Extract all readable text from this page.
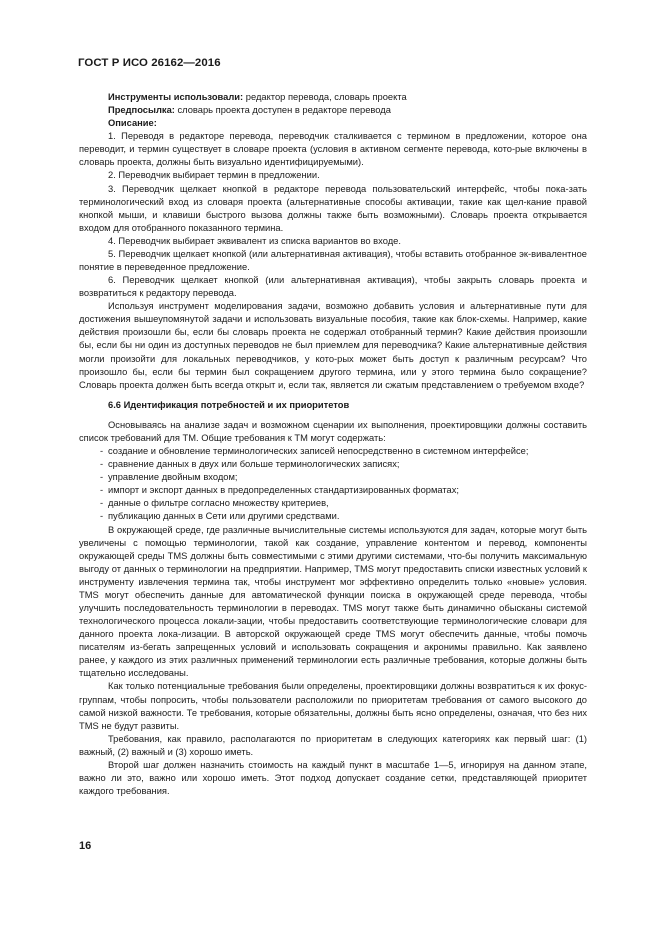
ГОСТ Р ИСО 26162—2016

Инструменты использовали: редактор перевода, словарь проекта

Предпосылка: словарь проекта доступен в редакторе перевода

Описание:

1. Переводя в редакторе перевода, переводчик сталкивается с термином в предложении, которое она переводит, и термин существует в словаре проекта (условия в активном сегменте перевода, кото-рые включены в словарь проекта, должны быть визуально идентифицируемыми).

2. Переводчик выбирает термин в предложении.

3. Переводчик щелкает кнопкой в редакторе перевода пользовательский интерфейс, чтобы пока-зать терминологический вход из словаря проекта (альтернативные способы активации, такие как щел-кание правой кнопкой мыши, и клавиши быстрого вызова должны также быть возможными). Словарь проекта открывается входом для отобранного показанного термина.

4. Переводчик выбирает эквивалент из списка вариантов во входе.

5. Переводчик щелкает кнопкой (или альтернативная активация), чтобы вставить отобранное эк-вивалентное понятие в переведенное предложение.

6. Переводчик щелкает кнопкой (или альтернативная активация), чтобы закрыть словарь проекта и возвратиться к редактору перевода.

Используя инструмент моделирования задачи, возможно добавить условия и альтернативные пути для достижения вышеупомянутой задачи и использовать визуальные пособия, такие как блок-схемы. Например, какие действия произошли бы, если бы словарь проекта не содержал отобранный термин? Какие действия произошли бы, если бы ни один из доступных переводов не был приемлем для переводчика? Какие альтернативные действия могли произойти для локальных переводчиков, у кото-рых может быть доступ к различным ресурсам? Что произошло бы, если бы термин был сокращением другого термина, или у этого термина было сокращение? Словарь проекта должен быть всегда открыт и, если так, является ли сжатым представлением о требуемом входе?

6.6 Идентификация потребностей и их приоритетов

Основываясь на анализе задач и возможном сценарии их выполнения, проектировщики должны составить список требований для ТМ. Общие требования к ТМ могут содержать:

- создание и обновление терминологических записей непосредственно в системном интерфейсе;
- сравнение данных в двух или больше терминологических записях;
- управление двойным входом;
- импорт и экспорт данных в предопределенных стандартизированных форматах;
- данные о фильтре согласно множеству критериев,
- публикацию данных в Сети или другими средствами.

В окружающей среде, где различные вычислительные системы используются для задач, которые могут быть увеличены с помощью терминологии, такой как создание, управление контентом и перевод, компоненты окружающей среды TMS должны быть совместимыми с этими другими системами, что-бы получить максимальную выгоду от данных о терминологии на предприятии. Например, TMS могут предоставить списки известных условий к инструменту извлечения термина так, чтобы инструмент мог эффективно определить только «новые» условия. TMS могут обеспечить данные для автоматической функции поиска в окружающей среде перевода, чтобы улучшить последовательность терминологии в переводах. TMS могут также быть динамично обысканы системой технологического процесса локали-зации, чтобы предоставить соответствующие терминологические словари для данного проекта лока-лизации. В авторской окружающей среде TMS могут обеспечить данные, чтобы помочь писателям из-бегать запрещенных условий и использовать сокращения и акронимы правильно. Как заявлено ранее, у каждого из этих различных применений терминологии есть различные требования, которые должны быть тщательно исследованы.

Как только потенциальные требования были определены, проектировщики должны возвратиться к их фокус-группам, чтобы попросить, чтобы пользователи расположили по приоритетам требования от самого высокого до самой низкой важности. Те требования, которые обязательны, должны быть ясно определены, означая, что без них TMS не будут развиты.

Требования, как правило, располагаются по приоритетам в следующих категориях как первый шаг: (1) важный, (2) важный и (3) хорошо иметь.

Второй шаг должен назначить стоимость на каждый пункт в масштабе 1—5, игнорируя на данном этапе, важно ли это, важно или хорошо иметь. Этот подход допускает создание сетки, представляющей приоритет каждого требования.

16
